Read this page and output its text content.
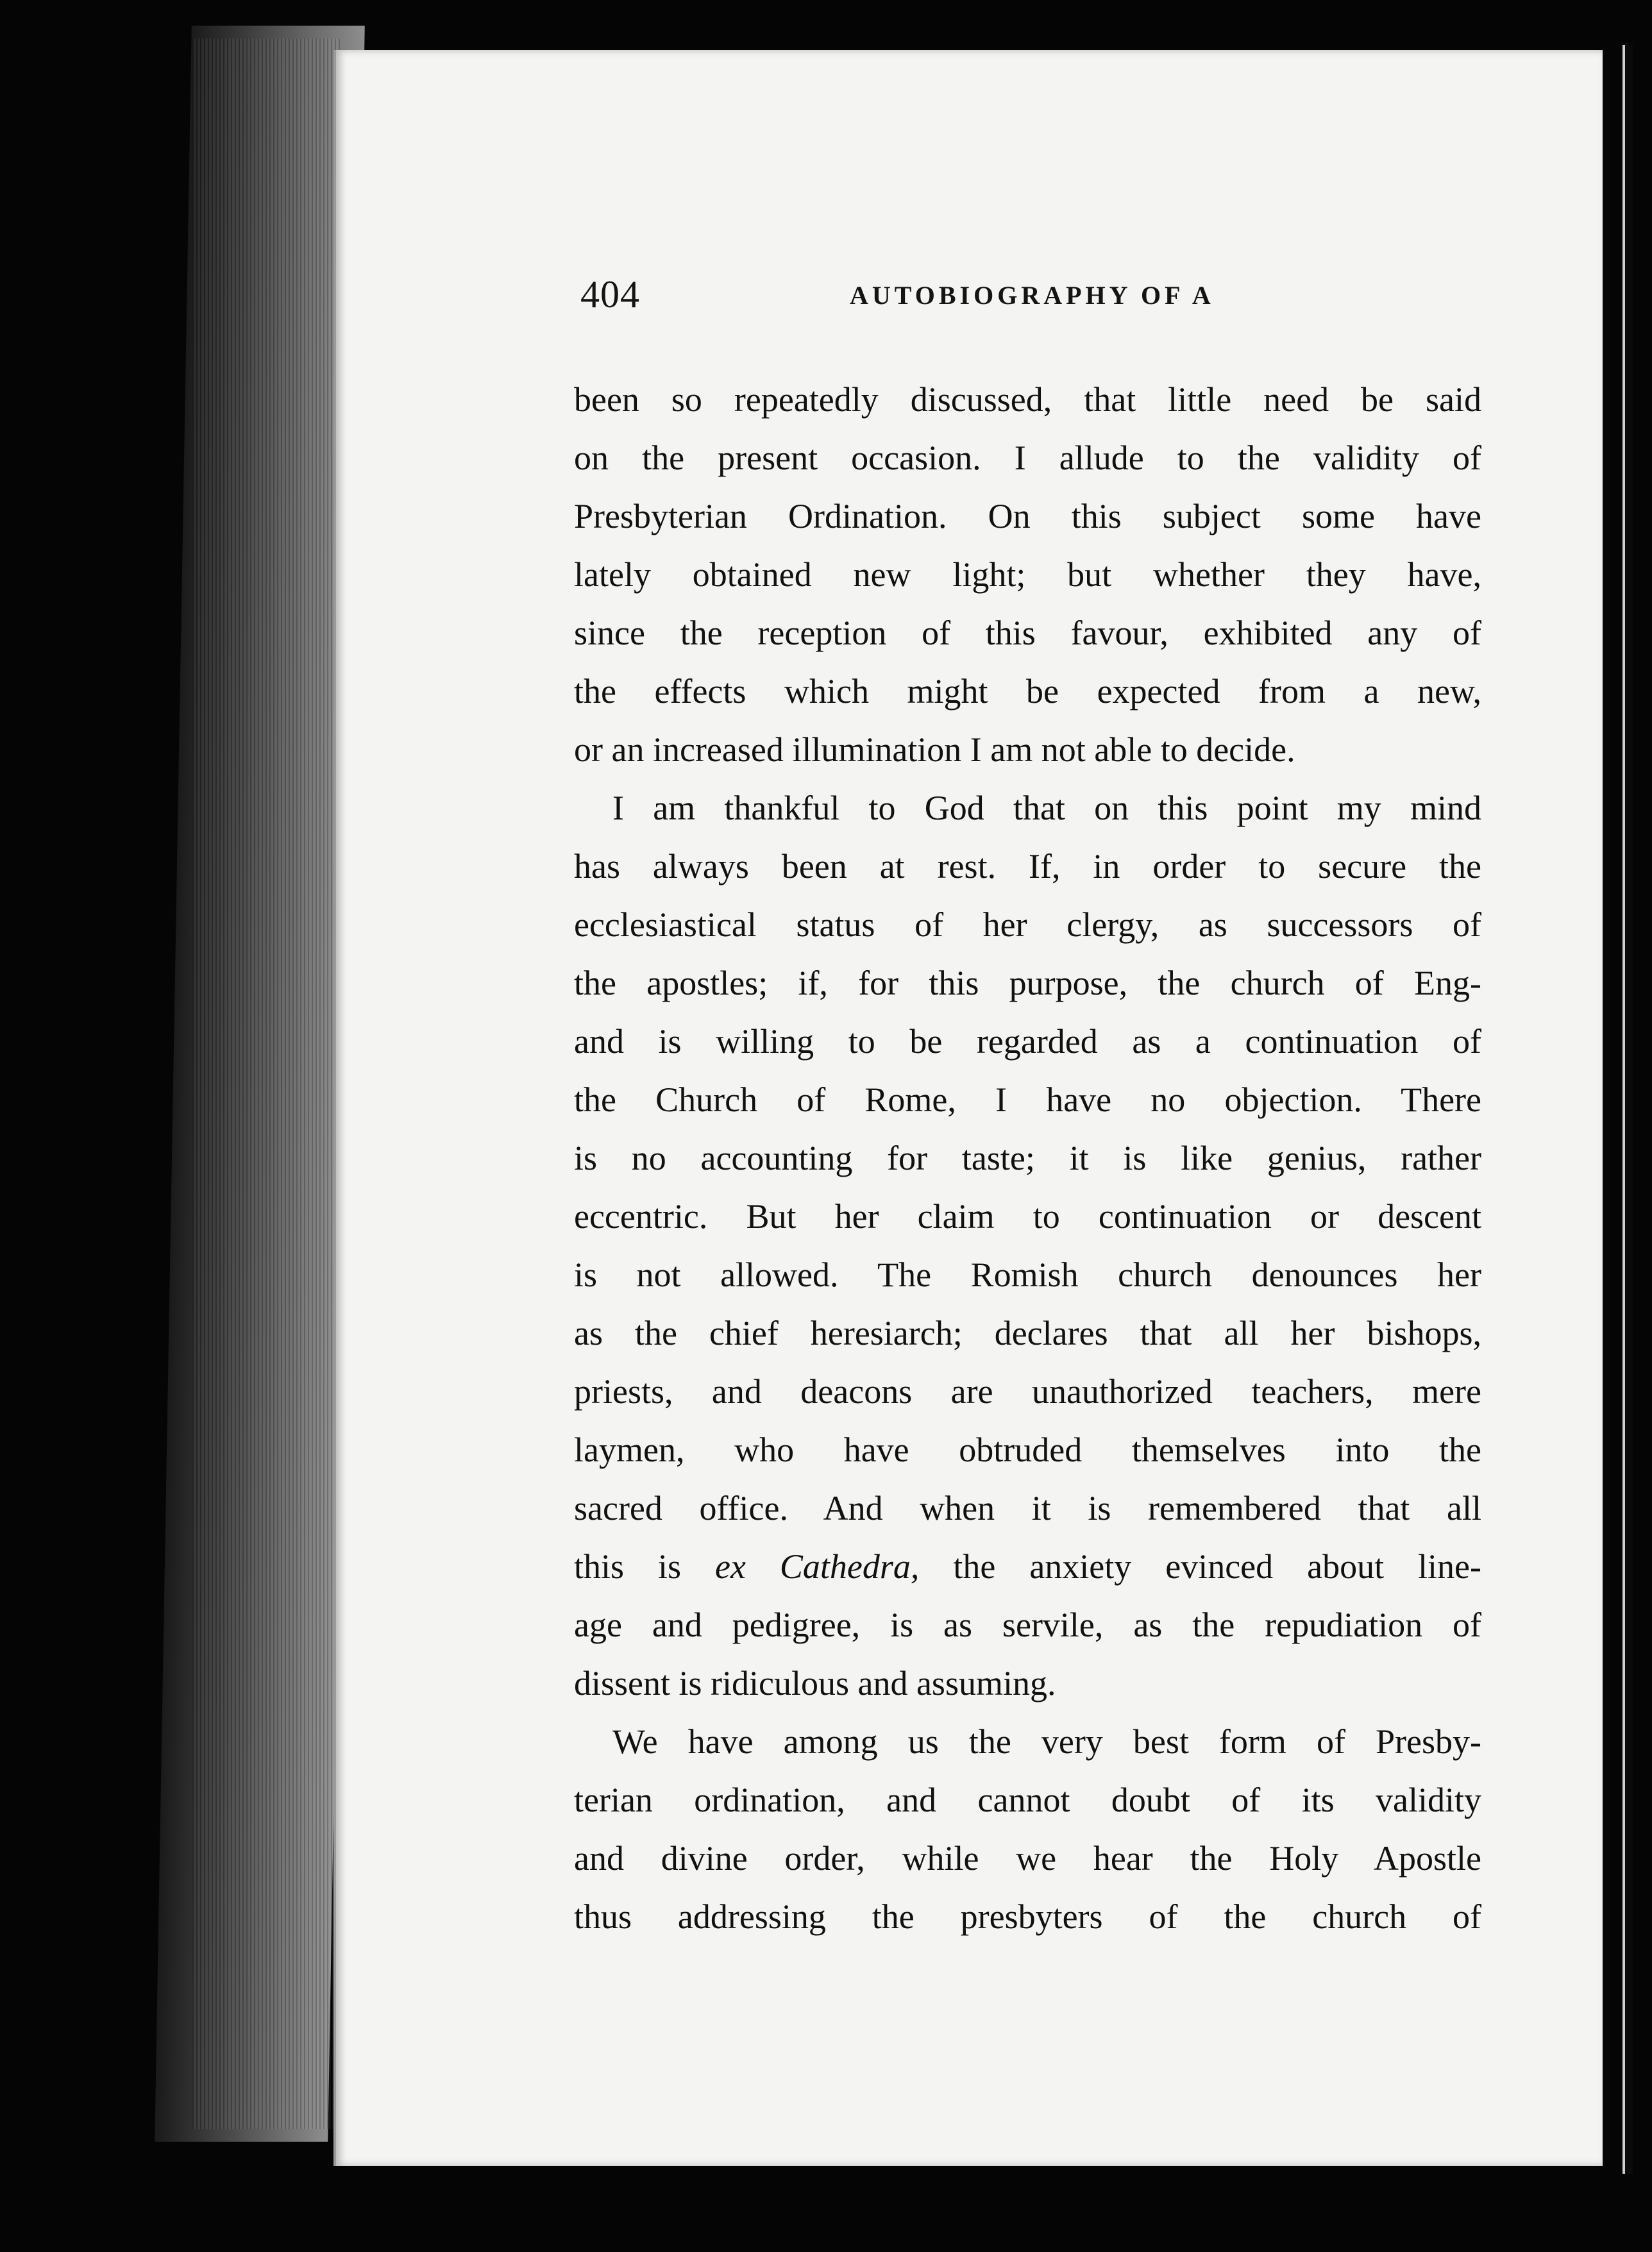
404	AUTOBIOGRAPHY OF A
been so repeatedly discussed, that little need be said
on the present occasion. I allude to the validity of
Presbyterian Ordination. On this subject some have
lately obtained new light; but whether they have,
since the reception of this favour, exhibited any of
the effects which might be expected from a new,
or an increased illumination I am not able to decide.
I am thankful to God that on this point my mind
has always been at rest. If, in order to secure the
ecclesiastical status of her clergy, as successors of
the apostles; if, for this purpose, the church of Eng-
and is willing to be regarded as a continuation of
the Church of Rome, I have no objection. There
is no accounting for taste; it is like genius, rather
eccentric. But her claim to continuation or descent
is not allowed. The Romish church denounces her
as the chief heresiarch; declares that all her bishops,
priests, and deacons are unauthorized teachers, mere
laymen, who have obtruded themselves into the
sacred office. And when it is remembered that all
this is ex Cathedra, the anxiety evinced about line-
age and pedigree, is as servile, as the repudiation of
dissent is ridiculous and assuming.
We have among us the very best form of Presby-
terian ordination, and cannot doubt of its validity
and divine order, while we hear the Holy Apostle
thus addressing the presbyters of the church of
